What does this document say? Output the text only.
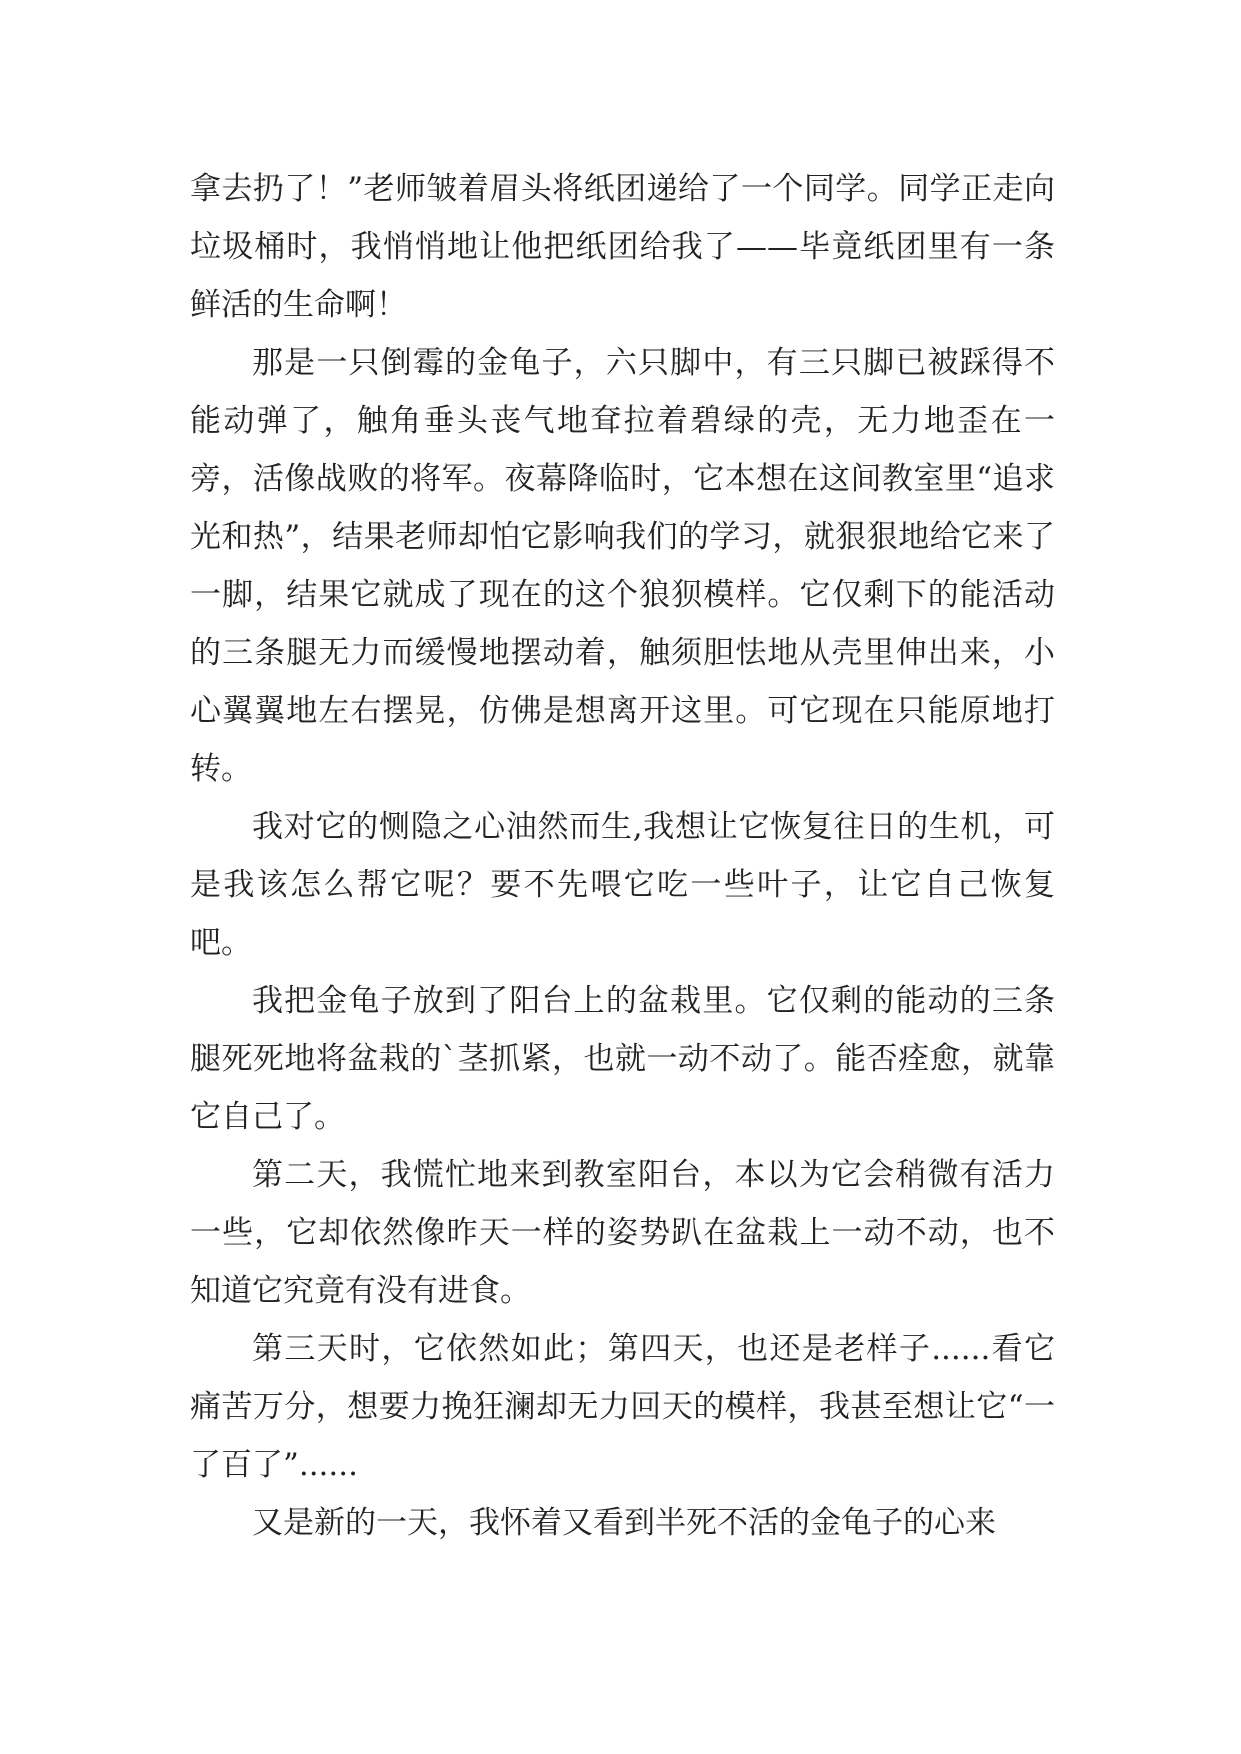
拿去扔了！”老师皱着眉头将纸团递给了一个同学。同学正走向垃圾桶时，我悄悄地让他把纸团给我了——毕竟纸团里有一条鲜活的生命啊！

那是一只倒霉的金龟子，六只脚中，有三只脚已被踩得不能动弹了，触角垂头丧气地耷拉着碧绿的壳，无力地歪在一旁，活像战败的将军。夜幕降临时，它本想在这间教室里“追求光和热”，结果老师却怕它影响我们的学习，就狠狠地给它来了一脚，结果它就成了现在的这个狼狈模样。它仅剩下的能活动的三条腿无力而缓慢地摆动着，触须胆怯地从壳里伸出来，小心翼翼地左右摆晃，仿佛是想离开这里。可它现在只能原地打转。

我对它的恻隐之心油然而生,我想让它恢复往日的生机，可是我该怎么帮它呢？要不先喂它吃一些叶子，让它自己恢复吧。

我把金龟子放到了阳台上的盆栽里。它仅剩的能动的三条腿死死地将盆栽的`茎抓紧，也就一动不动了。能否痊愈，就靠它自己了。

第二天，我慌忙地来到教室阳台，本以为它会稍微有活力一些，它却依然像昨天一样的姿势趴在盆栽上一动不动，也不知道它究竟有没有进食。

第三天时，它依然如此；第四天，也还是老样子......看它痛苦万分，想要力挽狂澜却无力回天的模样，我甚至想让它“一了百了”......

又是新的一天，我怀着又看到半死不活的金龟子的心来
